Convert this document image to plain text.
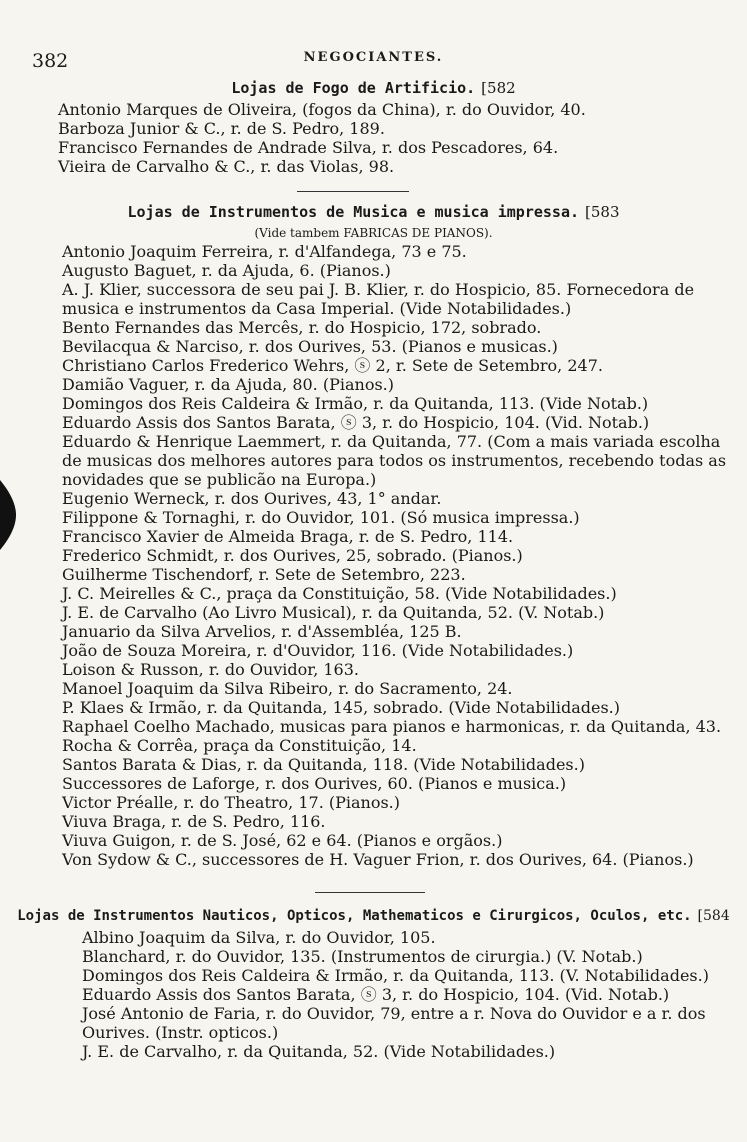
382	NEGOCIANTES.
Lojas de Fogo de Artificio. [582
Antonio Marques de Oliveira, (fogos da China), r. do Ouvidor, 40.
Barboza Junior & C., r. de S. Pedro, 189.
Francisco Fernandes de Andrade Silva, r. dos Pescadores, 64.
Vieira de Carvalho & C., r. das Violas, 98.
Lojas de Instrumentos de Musica e musica impressa. [583
(Vide tambem FABRICAS DE PIANOS).
Antonio Joaquim Ferreira, r. d'Alfandega, 73 e 75.
Augusto Baguet, r. da Ajuda, 6. (Pianos.)
A. J. Klier, successora de seu pai J. B. Klier, r. do Hospicio, 85. Fornecedora de musica e instrumentos da Casa Imperial. (Vide Notabilidades.)
Bento Fernandes das Mercês, r. do Hospicio, 172, sobrado.
Bevilacqua & Narciso, r. dos Ourives, 53. (Pianos e musicas.)
Christiano Carlos Frederico Wehrs, ⓢ 2, r. Sete de Setembro, 247.
Damião Vaguer, r. da Ajuda, 80. (Pianos.)
Domingos dos Reis Caldeira & Irmão, r. da Quitanda, 113. (Vide Notab.)
Eduardo Assis dos Santos Barata, ⓢ 3, r. do Hospicio, 104. (Vid. Notab.)
Eduardo & Henrique Laemmert, r. da Quitanda, 77. (Com a mais variada escolha de musicas dos melhores autores para todos os instrumentos, recebendo todas as novidades que se publicão na Europa.)
Eugenio Werneck, r. dos Ourives, 43, 1° andar.
Filippone & Tornaghi, r. do Ouvidor, 101. (Só musica impressa.)
Francisco Xavier de Almeida Braga, r. de S. Pedro, 114.
Frederico Schmidt, r. dos Ourives, 25, sobrado. (Pianos.)
Guilherme Tischendorf, r. Sete de Setembro, 223.
J. C. Meirelles & C., praça da Constituição, 58. (Vide Notabilidades.)
J. E. de Carvalho (Ao Livro Musical), r. da Quitanda, 52. (V. Notab.)
Januario da Silva Arvelios, r. d'Assembléa, 125 B.
João de Souza Moreira, r. d'Ouvidor, 116. (Vide Notabilidades.)
Loison & Russon, r. do Ouvidor, 163.
Manoel Joaquim da Silva Ribeiro, r. do Sacramento, 24.
P. Klaes & Irmão, r. da Quitanda, 145, sobrado. (Vide Notabilidades.)
Raphael Coelho Machado, musicas para pianos e harmonicas, r. da Quitanda, 43.
Rocha & Corrêa, praça da Constituição, 14.
Santos Barata & Dias, r. da Quitanda, 118. (Vide Notabilidades.)
Successores de Laforge, r. dos Ourives, 60. (Pianos e musica.)
Victor Préalle, r. do Theatro, 17. (Pianos.)
Viuva Braga, r. de S. Pedro, 116.
Viuva Guigon, r. de S. José, 62 e 64. (Pianos e orgãos.)
Von Sydow & C., successores de H. Vaguer Frion, r. dos Ourives, 64. (Pianos.)
Lojas de Instrumentos Nauticos, Opticos, Mathematicos e Cirurgicos, Oculos, etc. [584
Albino Joaquim da Silva, r. do Ouvidor, 105.
Blanchard, r. do Ouvidor, 135. (Instrumentos de cirurgia.) (V. Notab.)
Domingos dos Reis Caldeira & Irmão, r. da Quitanda, 113. (V. Notabilidades.)
Eduardo Assis dos Santos Barata, ⓢ 3, r. do Hospicio, 104. (Vid. Notab.)
José Antonio de Faria, r. do Ouvidor, 79, entre a r. Nova do Ouvidor e a r. dos Ourives. (Instr. opticos.)
J. E. de Carvalho, r. da Quitanda, 52. (Vide Notabilidades.)
